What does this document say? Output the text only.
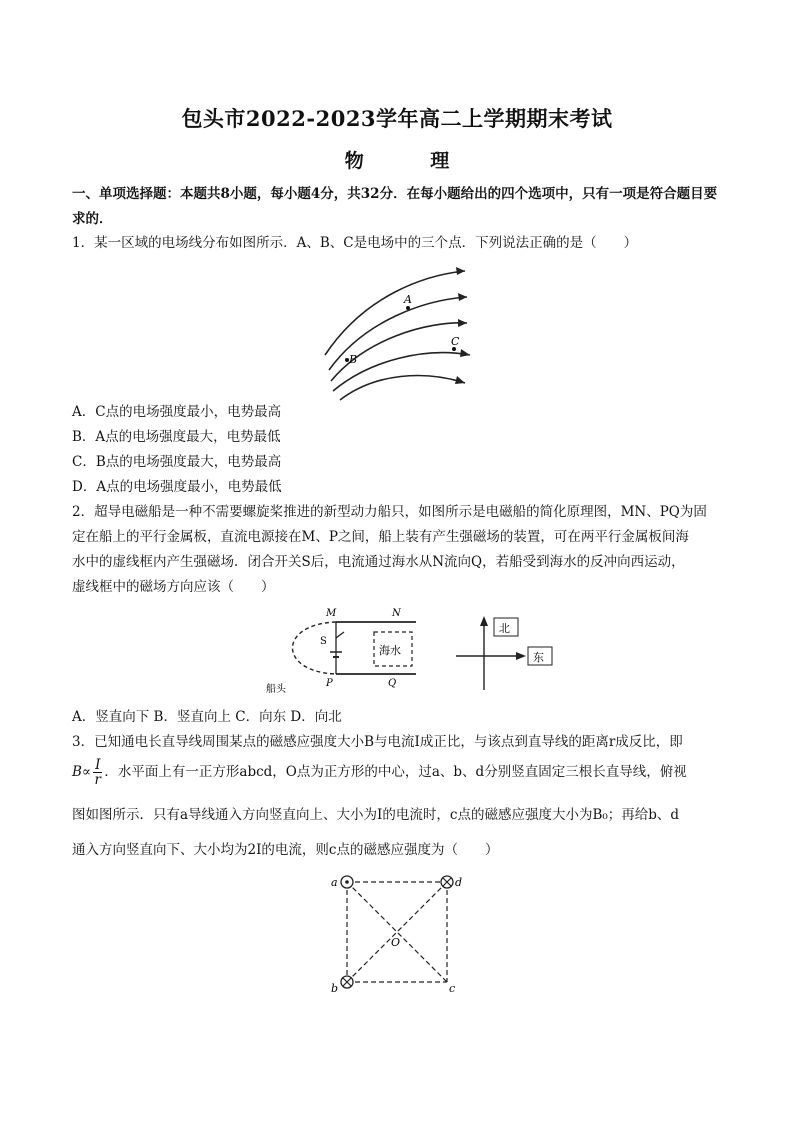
包头市2022-2023学年高二上学期期末考试
物 理
一、单项选择题：本题共8小题，每小题4分，共32分．在每小题给出的四个选项中，只有一项是符合题目要求的．
1．某一区域的电场线分布如图所示．A、B、C是电场中的三个点．下列说法正确的是（　　）
A
B
C
A．C点的电场强度最小，电势最高
B．A点的电场强度最大，电势最低
C．B点的电场强度最大，电势最高
D．A点的电场强度最小，电势最低
2．超导电磁船是一种不需要螺旋桨推进的新型动力船只，如图所示是电磁船的简化原理图，MN、PQ为固
定在船上的平行金属板，直流电源接在M、P之间，船上装有产生强磁场的装置，可在两平行金属板间海
水中的虚线框内产生强磁场．闭合开关S后，电流通过海水从N流向Q，若船受到海水的反冲向西运动，
虚线框中的磁场方向应该（　　）
海水
M	N
S
P	Q
船头
北
东
A．竖直向下 B．竖直向上 C．向东 D．向北
3．已知通电长直导线周围某点的磁感应强度大小B与电流I成正比，与该点到直导线的距离r成反比，即
$B\propto \frac{I}{r}$ ．水平面上有一正方形abcd，O点为正方形的中心，过a、b、d分别竖直固定三根长直导线，俯视
图如图所示．只有a导线通入方向竖直向上、大小为I的电流时，c点的磁感应强度大小为B₀；再给b、d
通入方向竖直向下、大小均为2I的电流，则c点的磁感应强度为（　　）
a	d
b	c
O
